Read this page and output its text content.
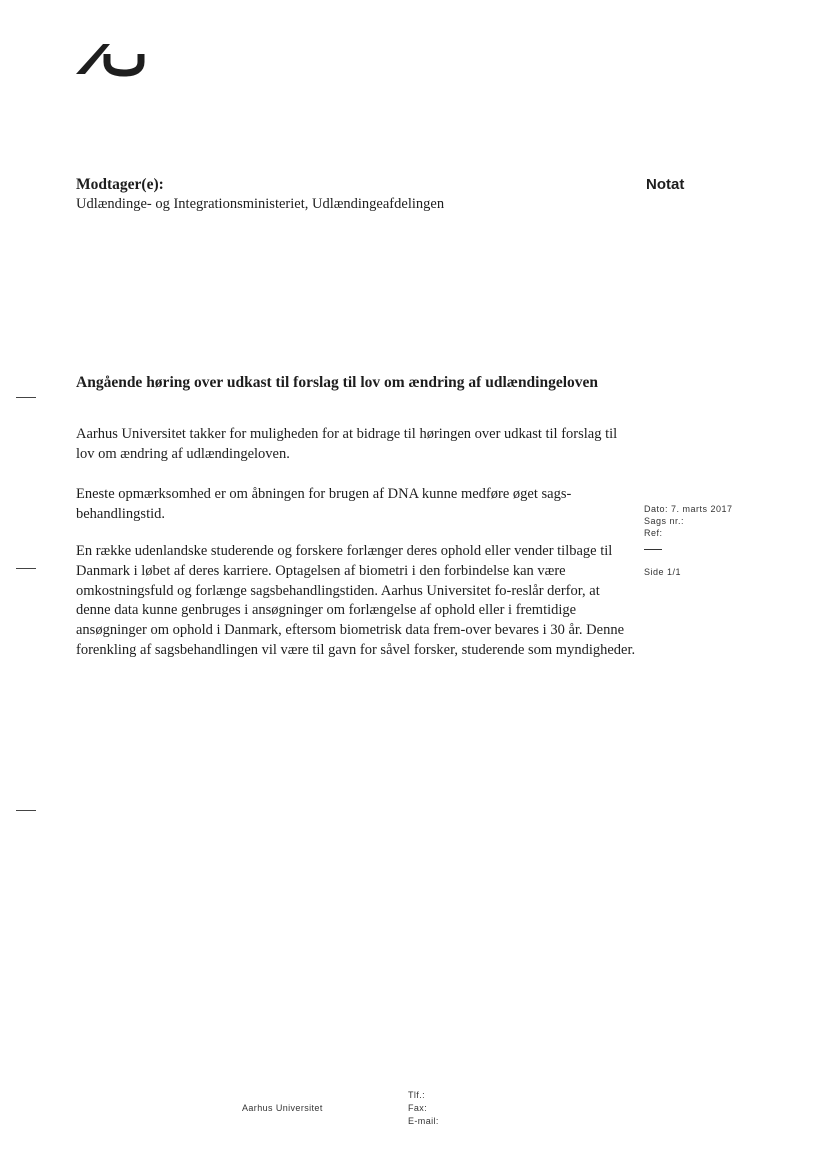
Modtager(e):
Udlændinge- og Integrationsministeriet, Udlændingeafdelingen
Notat
Angående høring over udkast til forslag til lov om ændring af udlændingeloven

Aarhus Universitet takker for muligheden for at bidrage til høringen over udkast til forslag til lov om ændring af udlændingeloven.

Eneste opmærksomhed er om åbningen for brugen af DNA kunne medføre øget sags-behandlingstid.

En række udenlandske studerende og forskere forlænger deres ophold eller vender tilbage til Danmark i løbet af deres karriere. Optagelsen af biometri i den forbindelse kan være omkostningsfuld og forlænge sagsbehandlingstiden. Aarhus Universitet fo-reslår derfor, at denne data kunne genbruges i ansøgninger om forlængelse af ophold eller i fremtidige ansøgninger om ophold i Danmark, eftersom biometrisk data frem-over bevares i 30 år. Denne forenkling af sagsbehandlingen vil være til gavn for såvel forsker, studerende som myndigheder.

Dato: 7. marts 2017
Sags nr.:
Ref:
Side 1/1
Aarhus Universitet
Tlf.:
Fax:
E-mail:
